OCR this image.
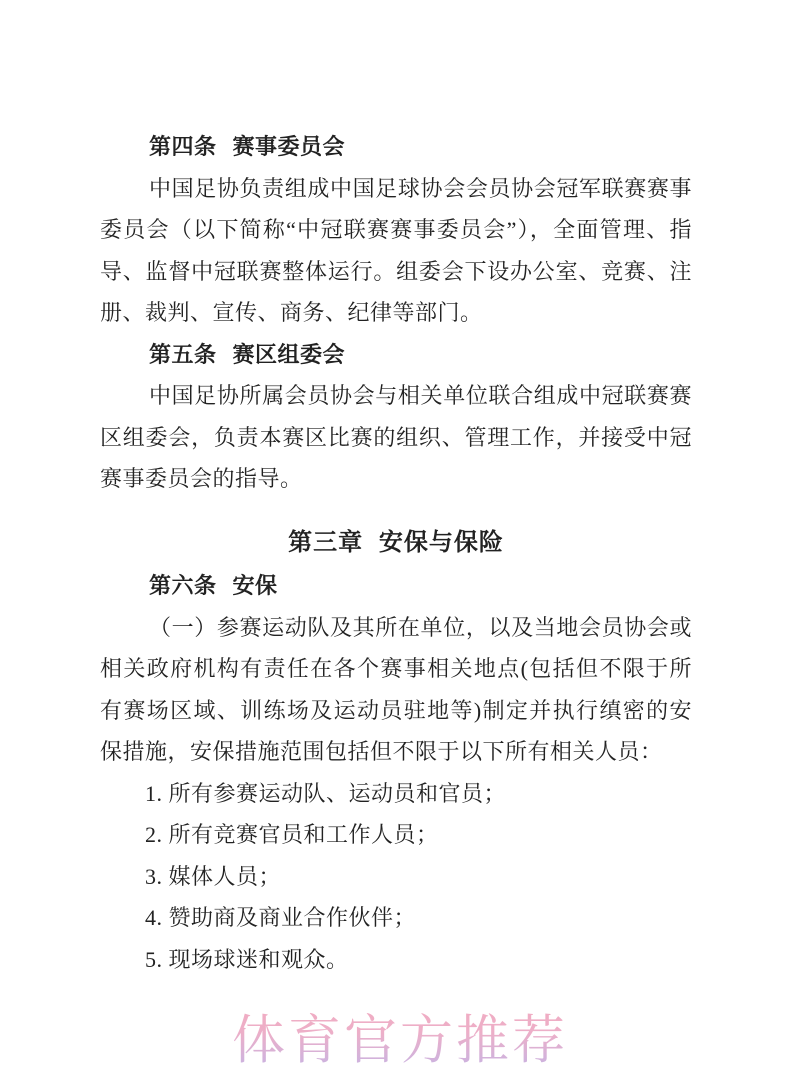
第四条 赛事委员会

中国足协负责组成中国足球协会会员协会冠军联赛赛事委员会（以下简称“中冠联赛赛事委员会”），全面管理、指导、监督中冠联赛整体运行。组委会下设办公室、竞赛、注册、裁判、宣传、商务、纪律等部门。

第五条 赛区组委会

中国足协所属会员协会与相关单位联合组成中冠联赛赛区组委会，负责本赛区比赛的组织、管理工作，并接受中冠赛事委员会的指导。

第三章 安保与保险

第六条 安保

（一）参赛运动队及其所在单位，以及当地会员协会或相关政府机构有责任在各个赛事相关地点(包括但不限于所有赛场区域、训练场及运动员驻地等)制定并执行缜密的安保措施，安保措施范围包括但不限于以下所有相关人员：

1. 所有参赛运动队、运动员和官员；

2. 所有竞赛官员和工作人员；

3. 媒体人员；

4. 赞助商及商业合作伙伴；

5. 现场球迷和观众。

体育官方推荐
